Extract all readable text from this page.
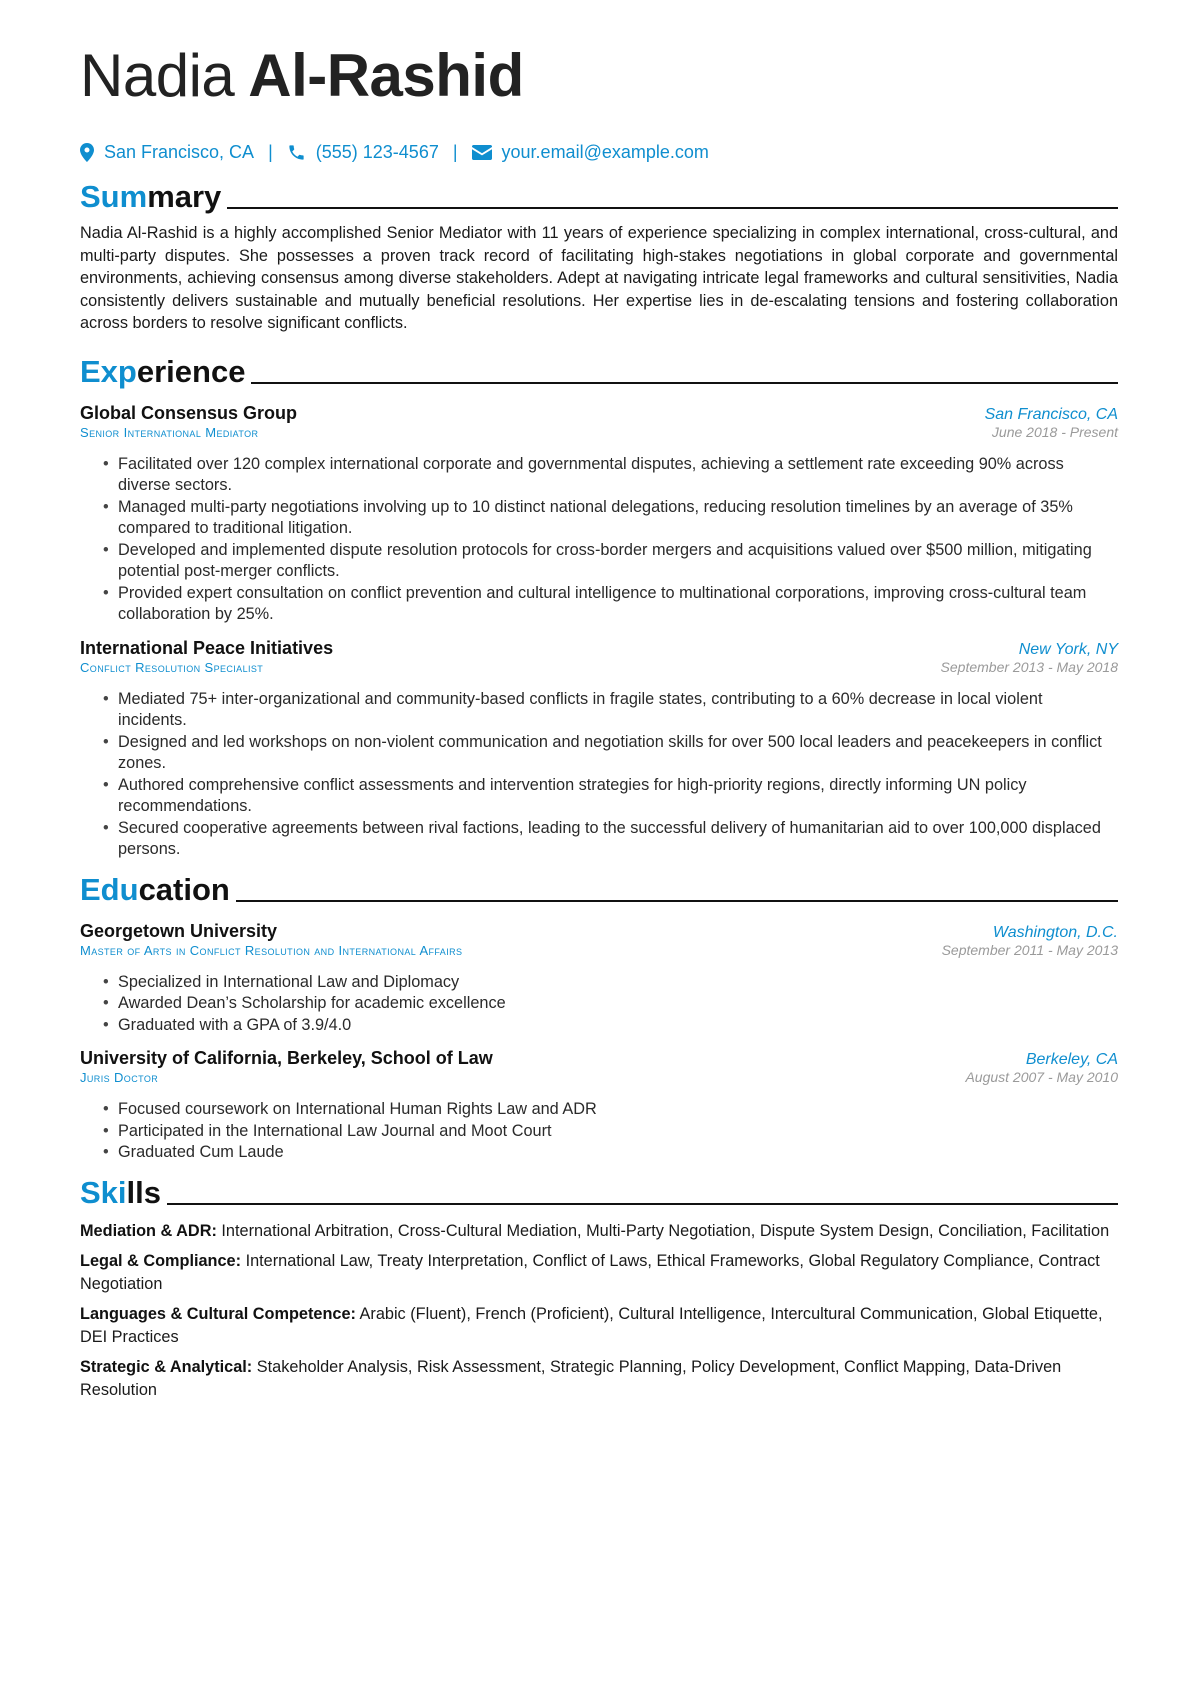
Nadia Al-Rashid
San Francisco, CA | (555) 123-4567 | your.email@example.com
Summary

Nadia Al-Rashid is a highly accomplished Senior Mediator with 11 years of experience specializing in complex international, cross-cultural, and multi-party disputes. She possesses a proven track record of facilitating high-stakes negotiations in global corporate and governmental environments, achieving consensus among diverse stakeholders. Adept at navigating intricate legal frameworks and cultural sensitivities, Nadia consistently delivers sustainable and mutually beneficial resolutions. Her expertise lies in de-escalating tensions and fostering collaboration across borders to resolve significant conflicts.

Experience
Global Consensus Group	San Francisco, CA
Senior International Mediator	June 2018 - Present
• Facilitated over 120 complex international corporate and governmental disputes, achieving a settlement rate exceeding 90% across diverse sectors.
• Managed multi-party negotiations involving up to 10 distinct national delegations, reducing resolution timelines by an average of 35% compared to traditional litigation.
• Developed and implemented dispute resolution protocols for cross-border mergers and acquisitions valued over $500 million, mitigating potential post-merger conflicts.
• Provided expert consultation on conflict prevention and cultural intelligence to multinational corporations, improving cross-cultural team collaboration by 25%.
International Peace Initiatives	New York, NY
Conflict Resolution Specialist	September 2013 - May 2018
• Mediated 75+ inter-organizational and community-based conflicts in fragile states, contributing to a 60% decrease in local violent incidents.
• Designed and led workshops on non-violent communication and negotiation skills for over 500 local leaders and peacekeepers in conflict zones.
• Authored comprehensive conflict assessments and intervention strategies for high-priority regions, directly informing UN policy recommendations.
• Secured cooperative agreements between rival factions, leading to the successful delivery of humanitarian aid to over 100,000 displaced persons.
Education
Georgetown University	Washington, D.C.
Master of Arts in Conflict Resolution and International Affairs	September 2011 - May 2013
• Specialized in International Law and Diplomacy
• Awarded Dean’s Scholarship for academic excellence
• Graduated with a GPA of 3.9/4.0
University of California, Berkeley, School of Law	Berkeley, CA
Juris Doctor	August 2007 - May 2010
• Focused coursework on International Human Rights Law and ADR
• Participated in the International Law Journal and Moot Court
• Graduated Cum Laude
Skills
Mediation & ADR: International Arbitration, Cross-Cultural Mediation, Multi-Party Negotiation, Dispute System Design, Conciliation, Facilitation
Legal & Compliance: International Law, Treaty Interpretation, Conflict of Laws, Ethical Frameworks, Global Regulatory Compliance, Contract Negotiation
Languages & Cultural Competence: Arabic (Fluent), French (Proficient), Cultural Intelligence, Intercultural Communication, Global Etiquette, DEI Practices
Strategic & Analytical: Stakeholder Analysis, Risk Assessment, Strategic Planning, Policy Development, Conflict Mapping, Data-Driven Resolution
